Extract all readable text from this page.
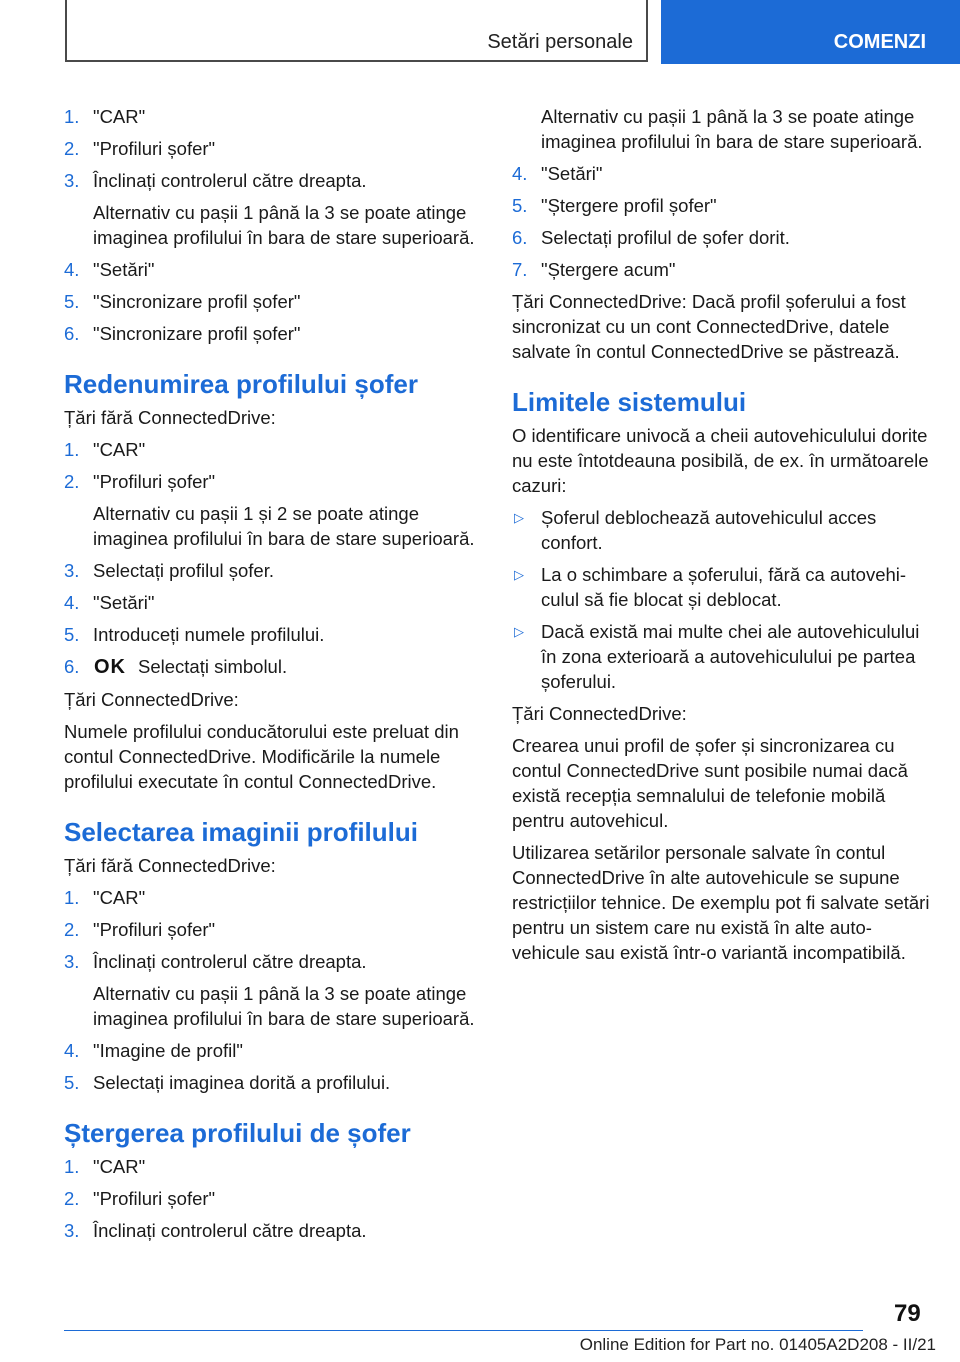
Setări personale	COMENZI
1. "CAR"
2. "Profiluri șofer"
3. Înclinați controlerul către dreapta.
Alternativ cu pașii 1 până la 3 se poate atinge imaginea profilului în bara de stare superioară.
4. "Setări"
5. "Sincronizare profil șofer"
6. "Sincronizare profil șofer"
Redenumirea profilului șofer
Țări fără ConnectedDrive:
1. "CAR"
2. "Profiluri șofer"
Alternativ cu pașii 1 și 2 se poate atinge imaginea profilului în bara de stare superioară.
3. Selectați profilul șofer.
4. "Setări"
5. Introduceți numele profilului.
6. OK Selectați simbolul.
Țări ConnectedDrive:
Numele profilului conducătorului este preluat din contul ConnectedDrive. Modificările la numele profilului executate în contul ConnectedDrive.
Selectarea imaginii profilului
Țări fără ConnectedDrive:
1. "CAR"
2. "Profiluri șofer"
3. Înclinați controlerul către dreapta.
Alternativ cu pașii 1 până la 3 se poate atinge imaginea profilului în bara de stare superioară.
4. "Imagine de profil"
5. Selectați imaginea dorită a profilului.
Ștergerea profilului de șofer
1. "CAR"
2. "Profiluri șofer"
3. Înclinați controlerul către dreapta.
Alternativ cu pașii 1 până la 3 se poate atinge imaginea profilului în bara de stare superioară.
4. "Setări"
5. "Ștergere profil șofer"
6. Selectați profilul de șofer dorit.
7. "Ștergere acum"
Țări ConnectedDrive: Dacă profil șoferului a fost sincronizat cu un cont ConnectedDrive, datele salvate în contul ConnectedDrive se păstrează.
Limitele sistemului
O identificare univocă a cheii autovehiculului dorite nu este întotdeauna posibilă, de ex. în următoarele cazuri:
▷ Șoferul deblochează autovehiculul acces confort.
▷ La o schimbare a șoferului, fără ca autovehiculul să fie blocat și deblocat.
▷ Dacă există mai multe chei ale autovehiculului în zona exterioară a autovehiculului pe partea șoferului.
Țări ConnectedDrive:
Crearea unui profil de șofer și sincronizarea cu contul ConnectedDrive sunt posibile numai dacă există recepția semnalului de telefonie mobilă pentru autovehicul.
Utilizarea setărilor personale salvate în contul ConnectedDrive în alte autovehicule se supune restricțiilor tehnice. De exemplu pot fi salvate setări pentru un sistem care nu există în alte autovehicule sau există într-o variantă incompatibilă.
79
Online Edition for Part no. 01405A2D208 - II/21
